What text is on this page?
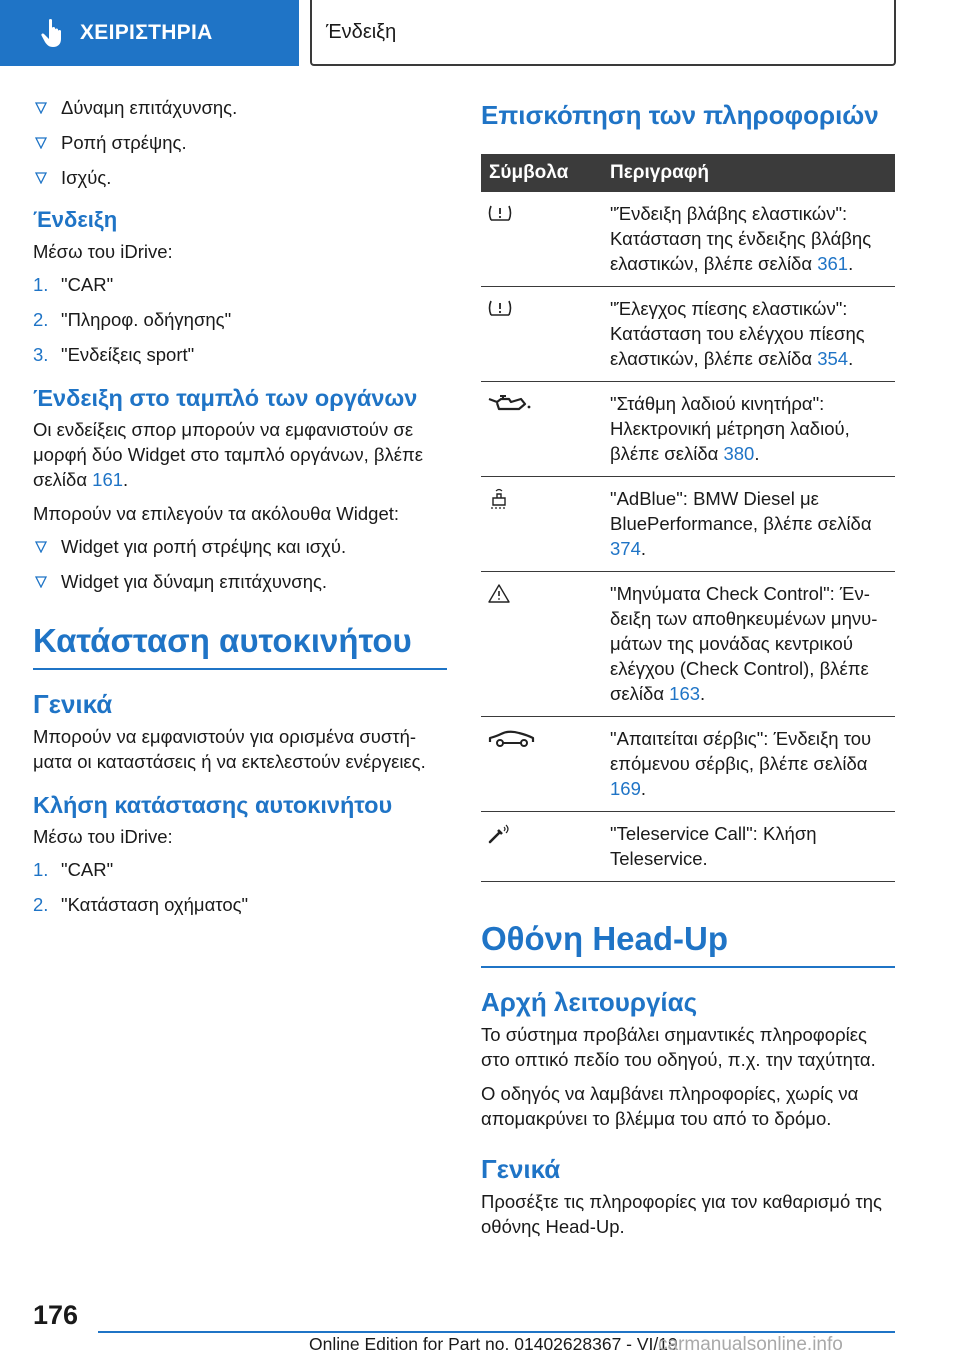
ΧΕΙΡΙΣΤΗΡΙΑ	Ένδειξη
Δύναμη επιτάχυνσης.
Ροπή στρέψης.
Ισχύς.
Ένδειξη
Μέσω του iDrive:
1. "CAR"
2. "Πληροφ. οδήγησης"
3. "Ενδείξεις sport"
Ένδειξη στο ταμπλό των οργάνων
Οι ενδείξεις σπορ μπορούν να εμφανιστούν σε μορφή δύο Widget στο ταμπλό οργάνων, βλέπε σελίδα 161.
Μπορούν να επιλεγούν τα ακόλουθα Widget:
Widget για ροπή στρέψης και ισχύ.
Widget για δύναμη επιτάχυνσης.
Κατάσταση αυτοκινήτου
Γενικά
Μπορούν να εμφανιστούν για ορισμένα συστήματα οι καταστάσεις ή να εκτελεστούν ενέργειες.
Κλήση κατάστασης αυτοκινήτου
Μέσω του iDrive:
1. "CAR"
2. "Κατάσταση οχήματος"
Επισκόπηση των πληροφοριών
Σύμβολα	Περιγραφή
"Ένδειξη βλάβης ελαστικών": Κατάσταση της ένδειξης βλάβης ελαστικών, βλέπε σελίδα 361.
"Έλεγχος πίεσης ελαστικών": Κατάσταση του ελέγχου πίεσης ελαστικών, βλέπε σελίδα 354.
"Στάθμη λαδιού κινητήρα": Ηλεκτρονική μέτρηση λαδιού, βλέπε σελίδα 380.
"AdBlue": BMW Diesel με BluePerformance, βλέπε σελίδα 374.
"Μηνύματα Check Control": Ένδειξη των αποθηκευμένων μηνυμάτων της μονάδας κεντρικού ελέγχου (Check Control), βλέπε σελίδα 163.
"Απαιτείται σέρβις": Ένδειξη του επόμενου σέρβις, βλέπε σελίδα 169.
"Teleservice Call": Κλήση Teleservice.
Οθόνη Head-Up
Αρχή λειτουργίας
Το σύστημα προβάλει σημαντικές πληροφορίες στο οπτικό πεδίο του οδηγού, π.χ. την ταχύτητα.
Ο οδηγός να λαμβάνει πληροφορίες, χωρίς να απομακρύνει το βλέμμα του από το δρόμο.
Γενικά
Προσέξτε τις πληροφορίες για τον καθαρισμό της οθόνης Head-Up.
176
Online Edition for Part no. 01402628367 - VI/19
carmanualsonline.info
